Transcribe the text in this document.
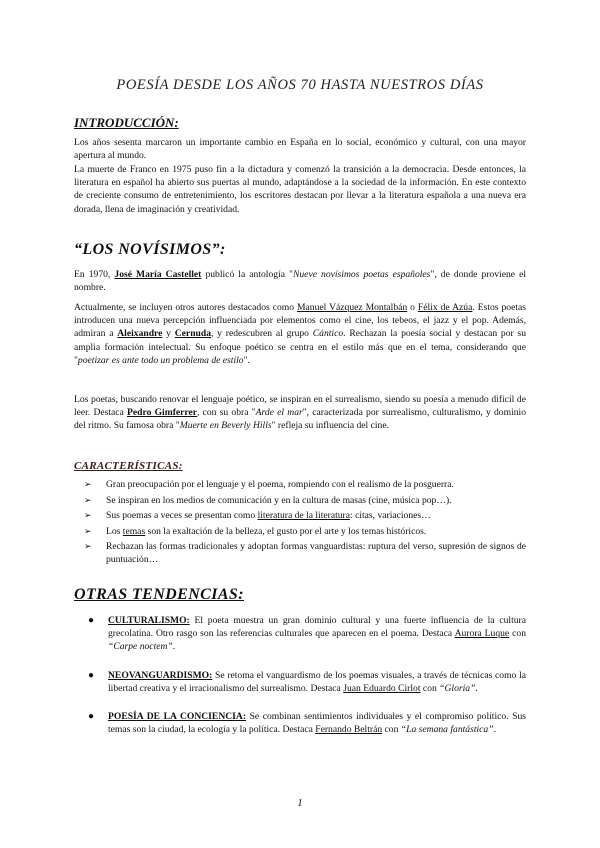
POESÍA DESDE LOS AÑOS 70 HASTA NUESTROS DÍAS
INTRODUCCIÓN:
Los años sesenta marcaron un importante cambio en España en lo social, económico y cultural, con una mayor apertura al mundo.
La muerte de Franco en 1975 puso fin a la dictadura y comenzó la transición a la democracia. Desde entonces, la literatura en español ha abierto sus puertas al mundo, adaptándose a la sociedad de la información. En este contexto de creciente consumo de entretenimiento, los escritores destacan por llevar a la literatura española a una nueva era dorada, llena de imaginación y creatividad.
“LOS NOVÍSIMOS”:
En 1970, José María Castellet publicó la antología "Nueve novísimos poetas españoles", de donde proviene el nombre.
Actualmente, se incluyen otros autores destacados como Manuel Vázquez Montalbán o Félix de Azúa. Estos poetas introducen una nueva percepción influenciada por elementos como el cine, los tebeos, el jazz y el pop. Además, admiran a Aleixandre y Cernuda, y redescubren al grupo Cántico. Rechazan la poesía social y destacan por su amplia formación intelectual. Su enfoque poético se centra en el estilo más que en el tema, considerando que "poetizar es ante todo un problema de estilo".
Los poetas, buscando renovar el lenguaje poético, se inspiran en el surrealismo, siendo su poesía a menudo difícil de leer. Destaca Pedro Gimferrer, con su obra "Arde el mar", caracterizada por surrealismo, culturalismo, y dominio del ritmo. Su famosa obra "Muerte en Beverly Hills" refleja su influencia del cine.
CARACTERÍSTICAS:
➢ Gran preocupación por el lenguaje y el poema, rompiendo con el realismo de la posguerra.
➢ Se inspiran en los medios de comunicación y en la cultura de masas (cine, música pop…).
➢ Sus poemas a veces se presentan como literatura de la literatura: citas, variaciones…
➢ Los temas son la exaltación de la belleza, el gusto por el arte y los temas históricos.
➢ Rechazan las formas tradicionales y adoptan formas vanguardistas: ruptura del verso, supresión de signos de puntuación…
OTRAS TENDENCIAS:
● CULTURALISMO: El poeta muestra un gran dominio cultural y una fuerte influencia de la cultura grecolatina. Otro rasgo son las referencias culturales que aparecen en el poema. Destaca Aurora Luque con “Carpe noctem”.
● NEOVANGUARDISMO: Se retoma el vanguardismo de los poemas visuales, a través de técnicas como la libertad creativa y el irracionalismo del surrealismo. Destaca Juan Eduardo Cirlot con “Gloria”.
● POESÍA DE LA CONCIENCIA: Se combinan sentimientos individuales y el compromiso político. Sus temas son la ciudad, la ecología y la política. Destaca Fernando Beltrán con “La semana fantástica”.
1
